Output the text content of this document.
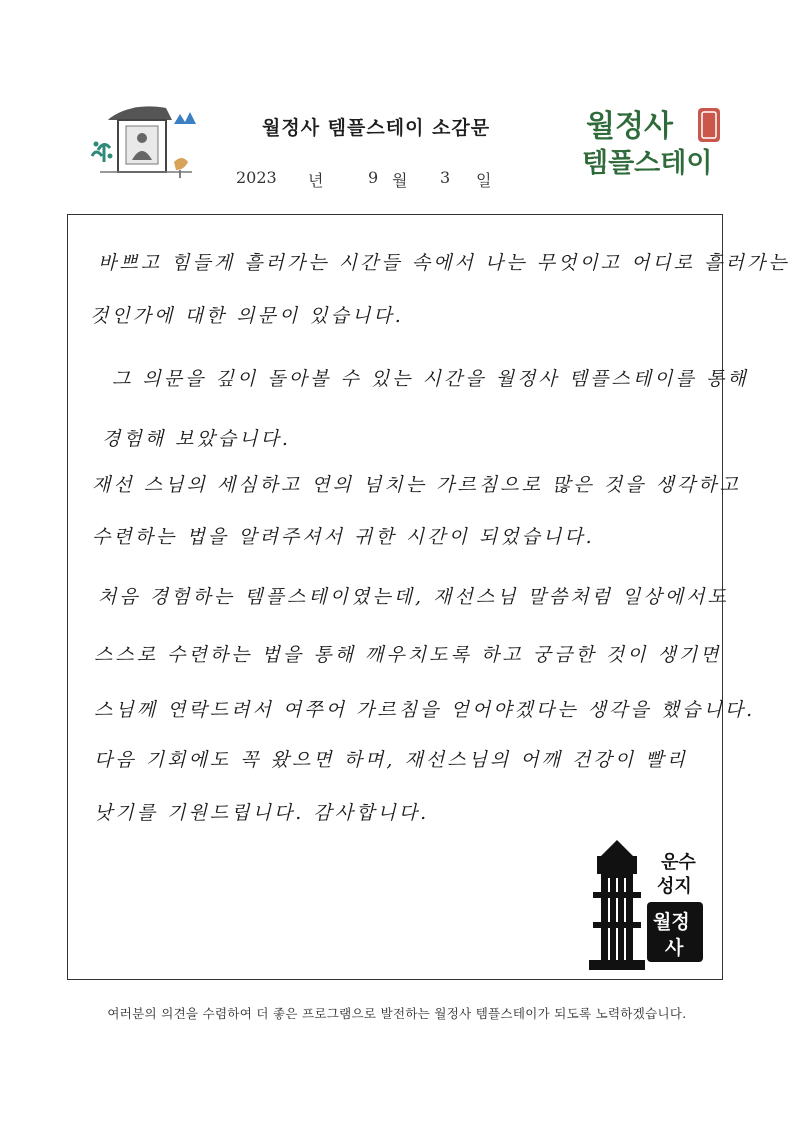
월정사 템플스테이 소감문	월정사
템플스테이
2023 년	9 월 3 일
바쁘고 힘들게 흘러가는 시간들 속에서 나는 무엇이고 어디로 흘러가는
것인가에 대한 의문이 있습니다.
그 의문을 깊이 돌아볼 수 있는 시간을 월정사 템플스테이를 통해
경험해 보았습니다.
재선 스님의 세심하고 연의 넘치는 가르침으로 많은 것을 생각하고
수련하는 법을 알려주셔서 귀한 시간이 되었습니다.
처음 경험하는 템플스테이였는데, 재선스님 말씀처럼 일상에서도
스스로 수련하는 법을 통해 깨우치도록 하고 궁금한 것이 생기면
스님께 연락드려서 여쭈어 가르침을 얻어야겠다는 생각을 했습니다.
다음 기회에도 꼭 왔으면 하며, 재선스님의 어깨 건강이 빨리
낫기를 기원드립니다. 감사합니다.
운수
성지
월정
사
여러분의 의견을 수렴하여 더 좋은 프로그램으로 발전하는 월정사 템플스테이가 되도록 노력하겠습니다.
